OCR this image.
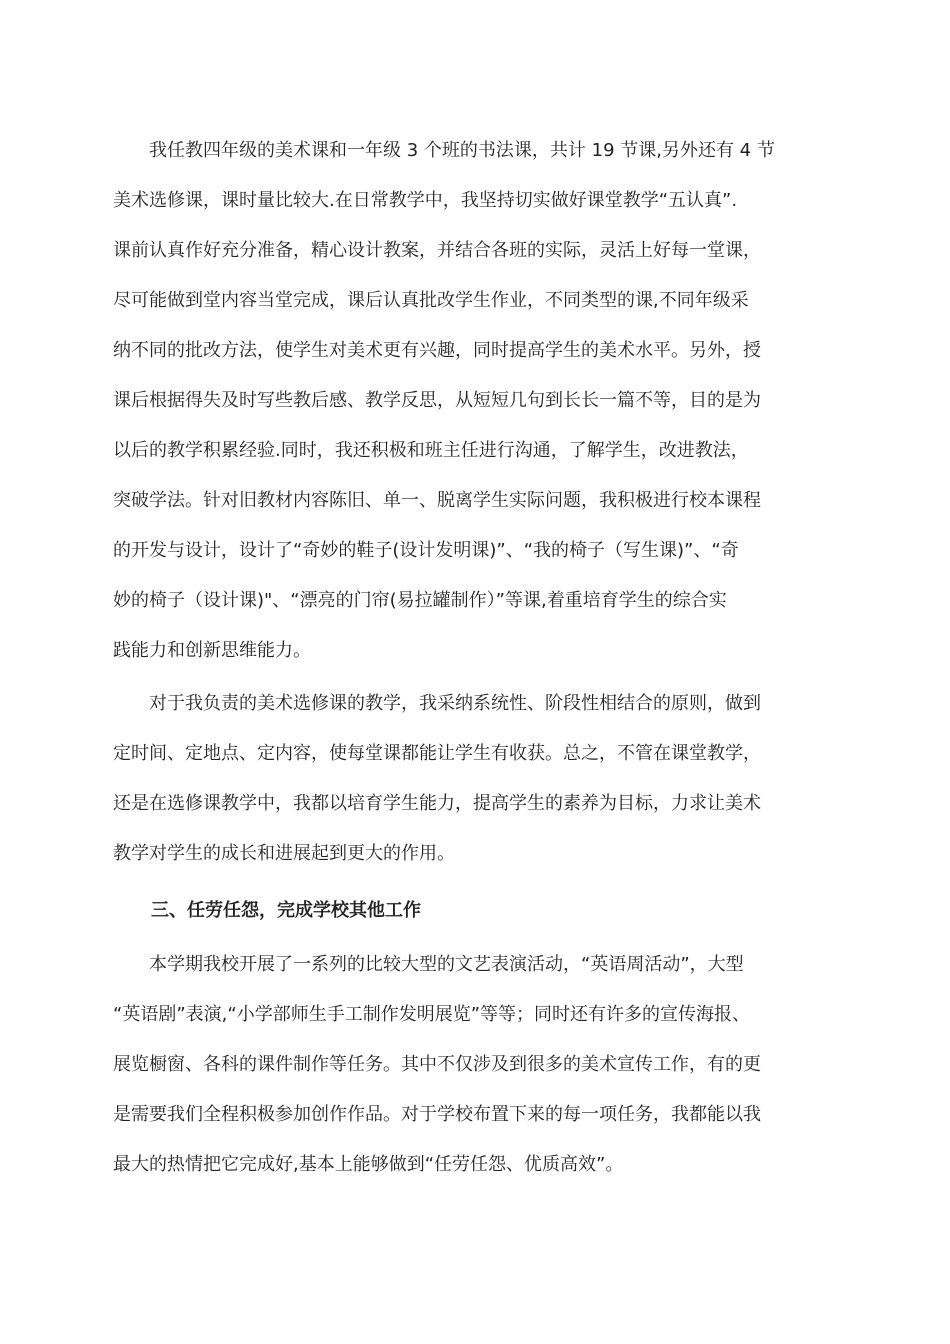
　　我任教四年级的美术课和一年级 3 个班的书法课，共计 19 节课,另外还有 4 节
美术选修课，课时量比较大.在日常教学中，我坚持切实做好课堂教学“五认真”.
课前认真作好充分准备，精心设计教案，并结合各班的实际，灵活上好每一堂课，
尽可能做到堂内容当堂完成，课后认真批改学生作业，不同类型的课,不同年级采
纳不同的批改方法，使学生对美术更有兴趣，同时提高学生的美术水平。另外，授
课后根据得失及时写些教后感、教学反思，从短短几句到长长一篇不等，目的是为
以后的教学积累经验.同时，我还积极和班主任进行沟通，了解学生，改进教法，
突破学法。针对旧教材内容陈旧、单一、脱离学生实际问题，我积极进行校本课程
的开发与设计，设计了“奇妙的鞋子(设计发明课)”、“我的椅子（写生课)”、“奇
妙的椅子（设计课)"、“漂亮的门帘(易拉罐制作）”等课,着重培育学生的综合实
践能力和创新思维能力。
　　对于我负责的美术选修课的教学，我采纳系统性、阶段性相结合的原则，做到
定时间、定地点、定内容，使每堂课都能让学生有收获。总之，不管在课堂教学，
还是在选修课教学中，我都以培育学生能力，提高学生的素养为目标，力求让美术
教学对学生的成长和进展起到更大的作用。
三、任劳任怨，完成学校其他工作
　　本学期我校开展了一系列的比较大型的文艺表演活动，“英语周活动”，大型
“英语剧”表演,“小学部师生手工制作发明展览”等等；同时还有许多的宣传海报、
展览橱窗、各科的课件制作等任务。其中不仅涉及到很多的美术宣传工作，有的更
是需要我们全程积极参加创作作品。对于学校布置下来的每一项任务，我都能以我
最大的热情把它完成好,基本上能够做到“任劳任怨、优质高效”。
